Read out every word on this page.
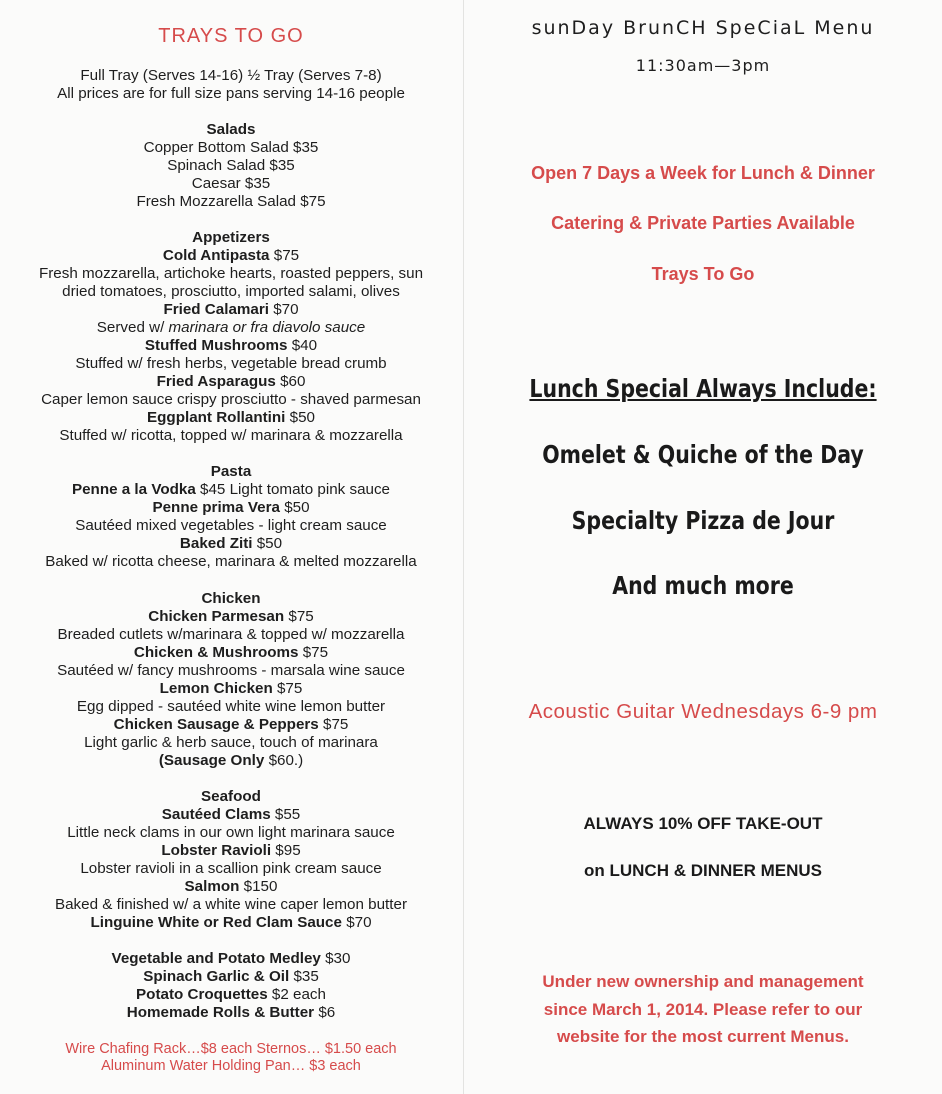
TRAYS TO GO
Full Tray (Serves 14-16) ½ Tray (Serves 7-8)
All prices are for full size pans serving 14-16 people
Salads
Copper Bottom Salad $35
Spinach Salad $35
Caesar $35
Fresh Mozzarella Salad $75
Appetizers
Cold Antipasta $75
Fresh mozzarella, artichoke hearts, roasted peppers, sun
dried tomatoes, prosciutto, imported salami, olives
Fried Calamari $70
Served w/ marinara or fra diavolo sauce
Stuffed Mushrooms $40
Stuffed w/ fresh herbs, vegetable bread crumb
Fried Asparagus $60
Caper lemon sauce crispy prosciutto - shaved parmesan
Eggplant Rollantini $50
Stuffed w/ ricotta, topped w/ marinara & mozzarella
Pasta
Penne a la Vodka $45 Light tomato pink sauce
Penne prima Vera $50
Sautéed mixed vegetables - light cream sauce
Baked Ziti $50
Baked w/ ricotta cheese, marinara & melted mozzarella
Chicken
Chicken Parmesan $75
Breaded cutlets w/marinara & topped w/ mozzarella
Chicken & Mushrooms $75
Sautéed w/ fancy mushrooms - marsala wine sauce
Lemon Chicken $75
Egg dipped - sautéed white wine lemon butter
Chicken Sausage & Peppers $75
Light garlic & herb sauce, touch of marinara
(Sausage Only $60.)
Seafood
Sautéed Clams $55
Little neck clams in our own light marinara sauce
Lobster Ravioli $95
Lobster ravioli in a scallion pink cream sauce
Salmon $150
Baked & finished w/ a white wine caper lemon butter
Linguine White or Red Clam Sauce $70
Vegetable and Potato Medley $30
Spinach Garlic & Oil $35
Potato Croquettes $2 each
Homemade Rolls & Butter $6
Wire Chafing Rack…$8 each Sternos… $1.50 each
Aluminum Water Holding Pan… $3 each
sunDay BrunCH SpeCiaL Menu
11:30am—3pm
Open 7 Days a Week for Lunch & Dinner
Catering & Private Parties Available
Trays To Go
Lunch Special Always Include:
Omelet & Quiche of the Day
Specialty Pizza de Jour
And much more
Acoustic Guitar Wednesdays 6-9 pm
ALWAYS 10% OFF TAKE-OUT
on LUNCH & DINNER MENUS
Under new ownership and management
since March 1, 2014. Please refer to our
website for the most current Menus.
